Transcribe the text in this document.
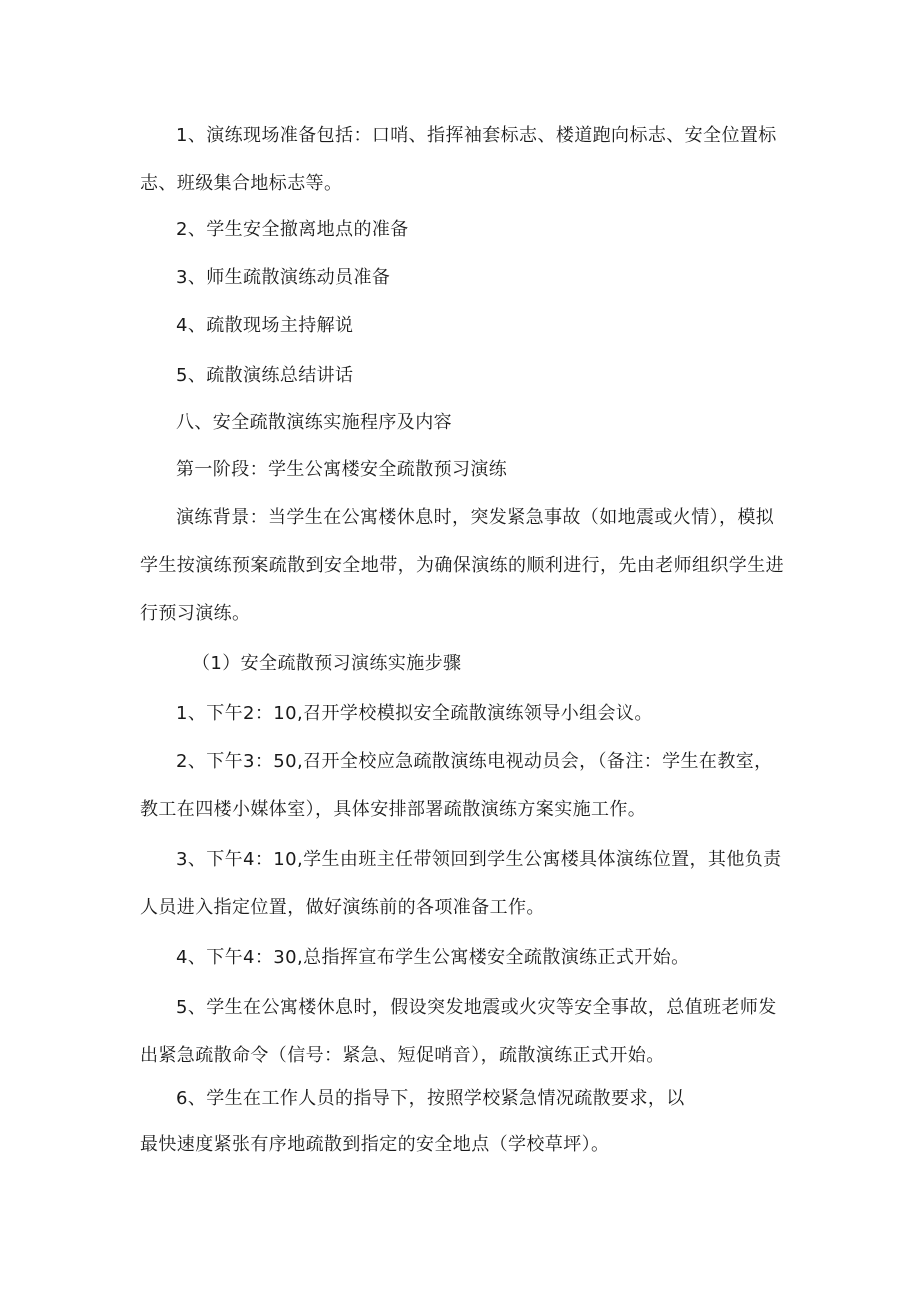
1、演练现场准备包括：口哨、指挥袖套标志、楼道跑向标志、安全位置标志、班级集合地标志等。

2、学生安全撤离地点的准备

3、师生疏散演练动员准备

4、疏散现场主持解说

5、疏散演练总结讲话

八、安全疏散演练实施程序及内容

第一阶段：学生公寓楼安全疏散预习演练

演练背景：当学生在公寓楼休息时，突发紧急事故（如地震或火情），模拟学生按演练预案疏散到安全地带，为确保演练的顺利进行，先由老师组织学生进行预习演练。

（1）安全疏散预习演练实施步骤

1、下午2：10,召开学校模拟安全疏散演练领导小组会议。

2、下午3：50,召开全校应急疏散演练电视动员会，（备注：学生在教室，教工在四楼小媒体室），具体安排部署疏散演练方案实施工作。

3、下午4：10,学生由班主任带领回到学生公寓楼具体演练位置，其他负责人员进入指定位置，做好演练前的各项准备工作。

4、下午4：30,总指挥宣布学生公寓楼安全疏散演练正式开始。

5、学生在公寓楼休息时，假设突发地震或火灾等安全事故，总值班老师发出紧急疏散命令（信号：紧急、短促哨音），疏散演练正式开始。

6、学生在工作人员的指导下，按照学校紧急情况疏散要求，以最快速度紧张有序地疏散到指定的安全地点（学校草坪）。
